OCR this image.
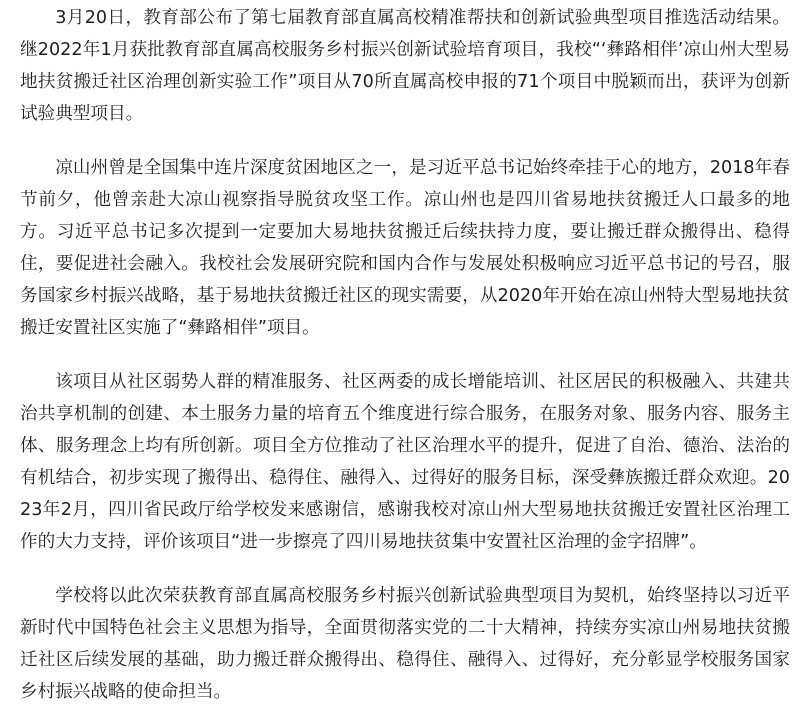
3月20日，教育部公布了第七届教育部直属高校精准帮扶和创新试验典型项目推选活动结果。继2022年1月获批教育部直属高校服务乡村振兴创新试验培育项目，我校“‘彝路相伴’凉山州大型易地扶贫搬迁社区治理创新实验工作”项目从70所直属高校申报的71个项目中脱颖而出，获评为创新试验典型项目。

凉山州曾是全国集中连片深度贫困地区之一，是习近平总书记始终牵挂于心的地方，2018年春节前夕，他曾亲赴大凉山视察指导脱贫攻坚工作。凉山州也是四川省易地扶贫搬迁人口最多的地方。习近平总书记多次提到一定要加大易地扶贫搬迁后续扶持力度，要让搬迁群众搬得出、稳得住，要促进社会融入。我校社会发展研究院和国内合作与发展处积极响应习近平总书记的号召，服务国家乡村振兴战略，基于易地扶贫搬迁社区的现实需要，从2020年开始在凉山州特大型易地扶贫搬迁安置社区实施了“彝路相伴”项目。

该项目从社区弱势人群的精准服务、社区两委的成长增能培训、社区居民的积极融入、共建共治共享机制的创建、本土服务力量的培育五个维度进行综合服务，在服务对象、服务内容、服务主体、服务理念上均有所创新。项目全方位推动了社区治理水平的提升，促进了自治、德治、法治的有机结合，初步实现了搬得出、稳得住、融得入、过得好的服务目标，深受彝族搬迁群众欢迎。2023年2月，四川省民政厅给学校发来感谢信，感谢我校对凉山州大型易地扶贫搬迁安置社区治理工作的大力支持，评价该项目“进一步擦亮了四川易地扶贫集中安置社区治理的金字招牌”。

学校将以此次荣获教育部直属高校服务乡村振兴创新试验典型项目为契机，始终坚持以习近平新时代中国特色社会主义思想为指导，全面贯彻落实党的二十大精神，持续夯实凉山州易地扶贫搬迁社区后续发展的基础，助力搬迁群众搬得出、稳得住、融得入、过得好，充分彰显学校服务国家乡村振兴战略的使命担当。
